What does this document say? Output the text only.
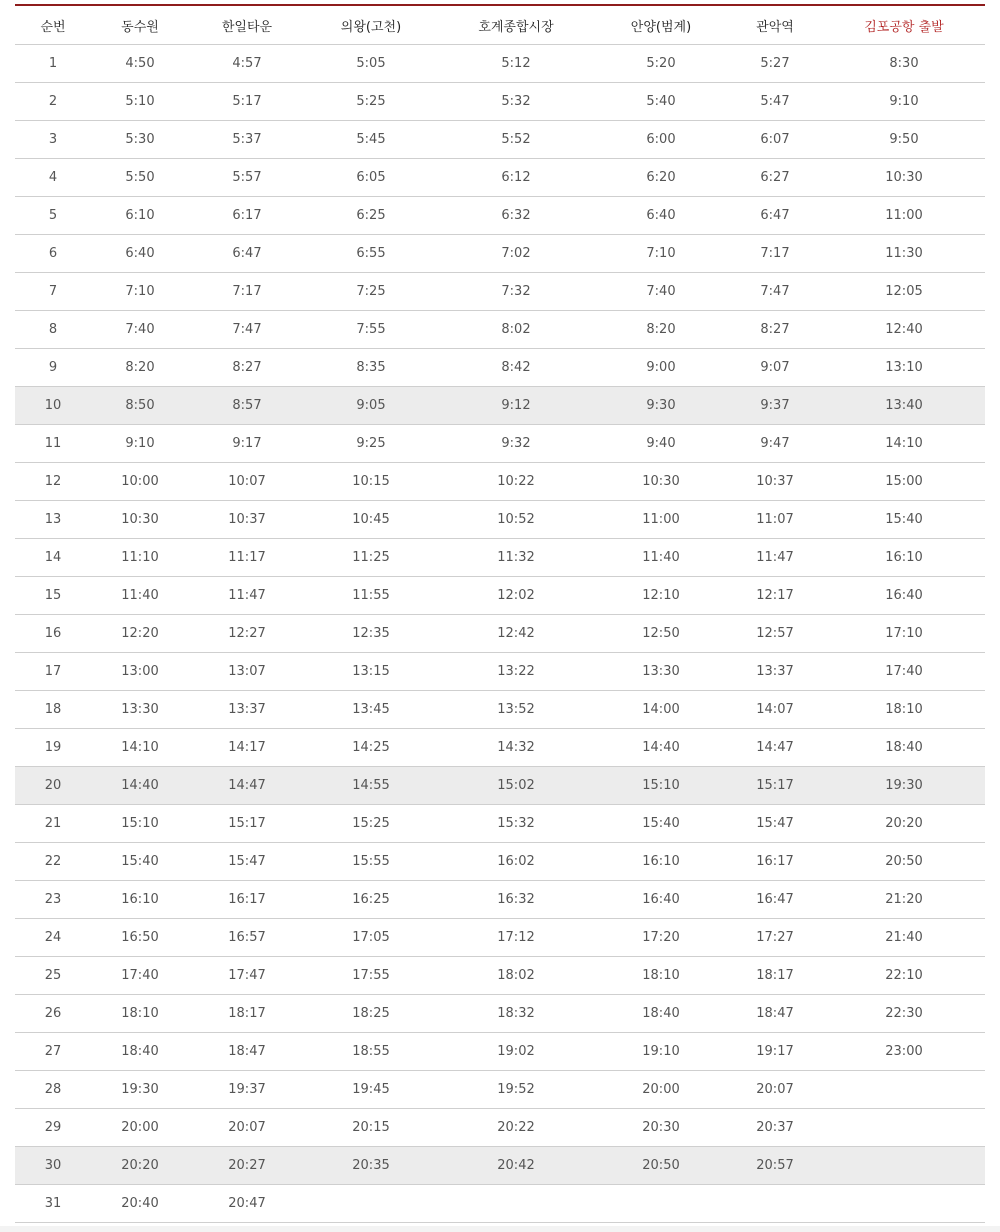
순번	동수원	한일타운	의왕(고천)	호계종합시장	안양(범계)	관악역	김포공항 출발
1	4:50	4:57	5:05	5:12	5:20	5:27	8:30
2	5:10	5:17	5:25	5:32	5:40	5:47	9:10
3	5:30	5:37	5:45	5:52	6:00	6:07	9:50
4	5:50	5:57	6:05	6:12	6:20	6:27	10:30
5	6:10	6:17	6:25	6:32	6:40	6:47	11:00
6	6:40	6:47	6:55	7:02	7:10	7:17	11:30
7	7:10	7:17	7:25	7:32	7:40	7:47	12:05
8	7:40	7:47	7:55	8:02	8:20	8:27	12:40
9	8:20	8:27	8:35	8:42	9:00	9:07	13:10
10	8:50	8:57	9:05	9:12	9:30	9:37	13:40
11	9:10	9:17	9:25	9:32	9:40	9:47	14:10
12	10:00	10:07	10:15	10:22	10:30	10:37	15:00
13	10:30	10:37	10:45	10:52	11:00	11:07	15:40
14	11:10	11:17	11:25	11:32	11:40	11:47	16:10
15	11:40	11:47	11:55	12:02	12:10	12:17	16:40
16	12:20	12:27	12:35	12:42	12:50	12:57	17:10
17	13:00	13:07	13:15	13:22	13:30	13:37	17:40
18	13:30	13:37	13:45	13:52	14:00	14:07	18:10
19	14:10	14:17	14:25	14:32	14:40	14:47	18:40
20	14:40	14:47	14:55	15:02	15:10	15:17	19:30
21	15:10	15:17	15:25	15:32	15:40	15:47	20:20
22	15:40	15:47	15:55	16:02	16:10	16:17	20:50
23	16:10	16:17	16:25	16:32	16:40	16:47	21:20
24	16:50	16:57	17:05	17:12	17:20	17:27	21:40
25	17:40	17:47	17:55	18:02	18:10	18:17	22:10
26	18:10	18:17	18:25	18:32	18:40	18:47	22:30
27	18:40	18:47	18:55	19:02	19:10	19:17	23:00
28	19:30	19:37	19:45	19:52	20:00	20:07	
29	20:00	20:07	20:15	20:22	20:30	20:37	
30	20:20	20:27	20:35	20:42	20:50	20:57	
31	20:40	20:47					
